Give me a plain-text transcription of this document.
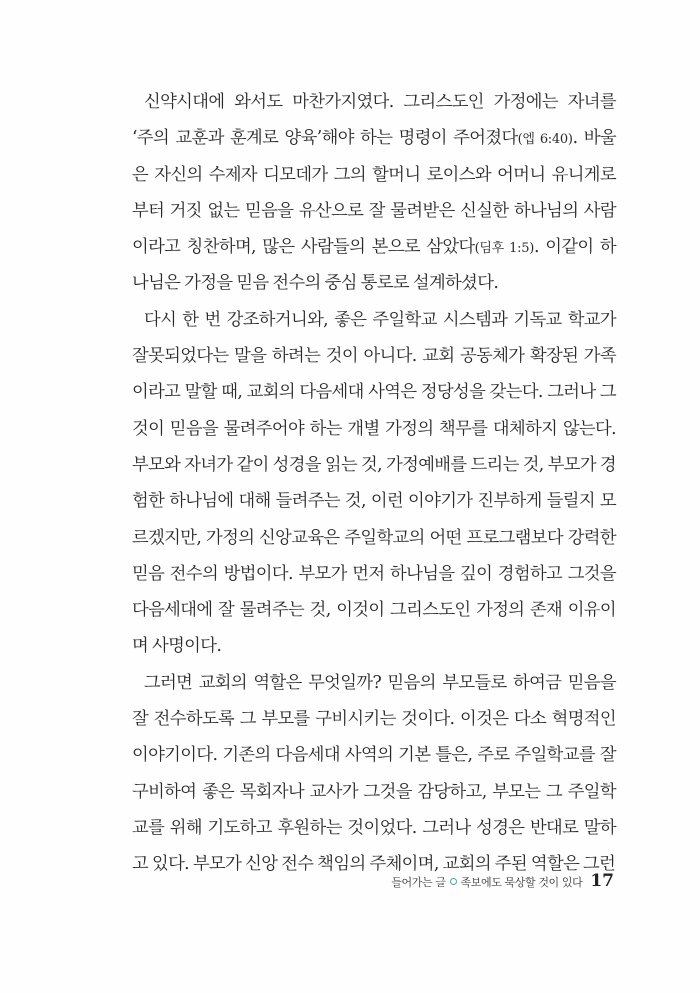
신약시대에 와서도 마찬가지였다. 그리스도인 가정에는 자녀를
‘주의 교훈과 훈계로 양육’해야 하는 명령이 주어졌다(엡 6:40). 바울
은 자신의 수제자 디모데가 그의 할머니 로이스와 어머니 유니게로
부터 거짓 없는 믿음을 유산으로 잘 물려받은 신실한 하나님의 사람
이라고 칭찬하며, 많은 사람들의 본으로 삼았다(딤후 1:5). 이같이 하
나님은 가정을 믿음 전수의 중심 통로로 설계하셨다.
다시 한 번 강조하거니와, 좋은 주일학교 시스템과 기독교 학교가
잘못되었다는 말을 하려는 것이 아니다. 교회 공동체가 확장된 가족
이라고 말할 때, 교회의 다음세대 사역은 정당성을 갖는다. 그러나 그
것이 믿음을 물려주어야 하는 개별 가정의 책무를 대체하지 않는다.
부모와 자녀가 같이 성경을 읽는 것, 가정예배를 드리는 것, 부모가 경
험한 하나님에 대해 들려주는 것, 이런 이야기가 진부하게 들릴지 모
르겠지만, 가정의 신앙교육은 주일학교의 어떤 프로그램보다 강력한
믿음 전수의 방법이다. 부모가 먼저 하나님을 깊이 경험하고 그것을
다음세대에 잘 물려주는 것, 이것이 그리스도인 가정의 존재 이유이
며 사명이다.
그러면 교회의 역할은 무엇일까? 믿음의 부모들로 하여금 믿음을
잘 전수하도록 그 부모를 구비시키는 것이다. 이것은 다소 혁명적인
이야기이다. 기존의 다음세대 사역의 기본 틀은, 주로 주일학교를 잘
구비하여 좋은 목회자나 교사가 그것을 감당하고, 부모는 그 주일학
교를 위해 기도하고 후원하는 것이었다. 그러나 성경은 반대로 말하
고 있다. 부모가 신앙 전수 책임의 주체이며, 교회의 주된 역할은 그런
들어가는 글 족보에도 묵상할 것이 있다 17
